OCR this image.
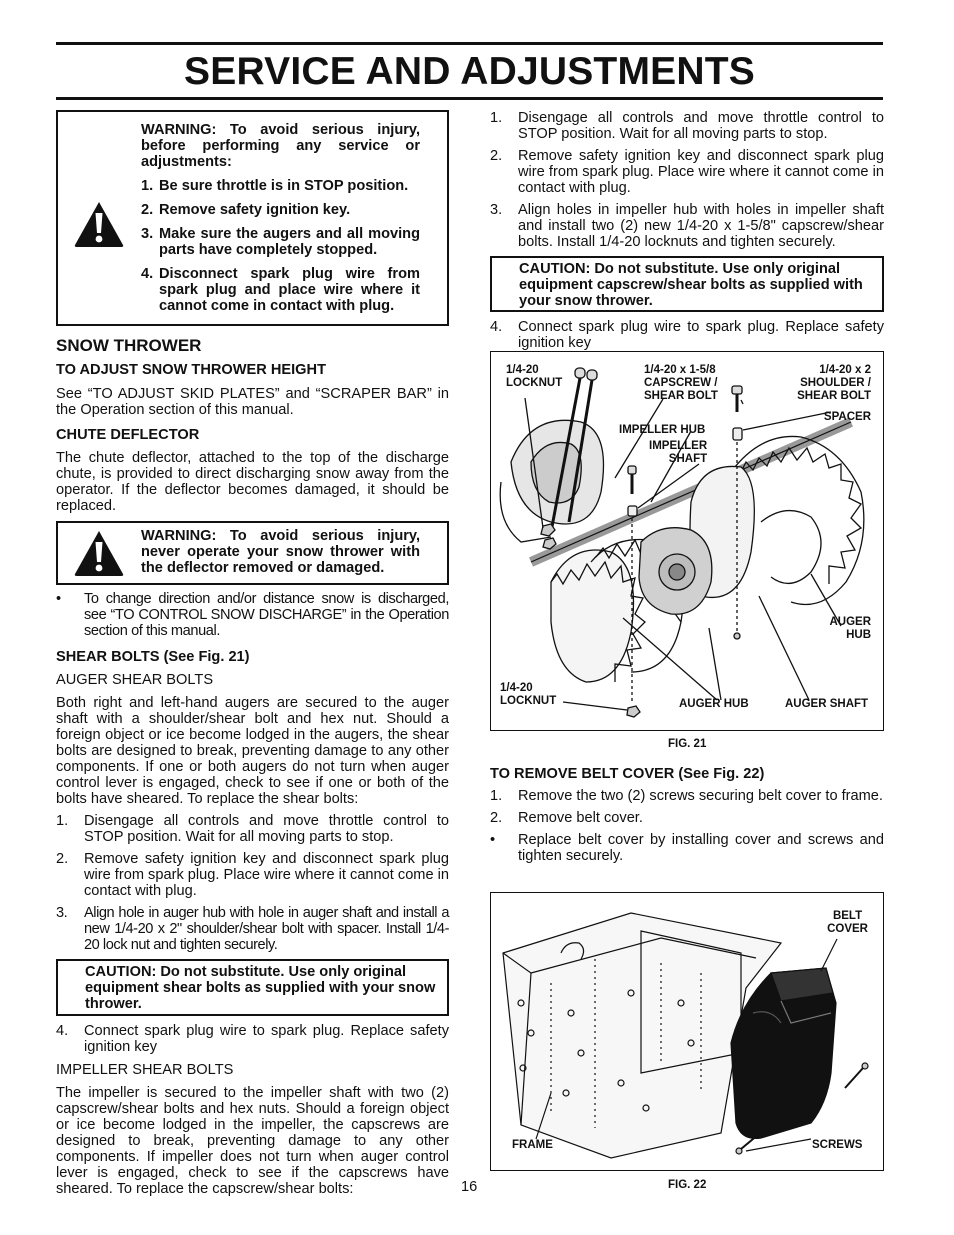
SERVICE AND ADJUSTMENTS

WARNING: To avoid serious injury, before performing any service or adjustments:

1. Be sure throttle is in STOP position.
2. Remove safety ignition key.
3. Make sure the augers and all moving parts have completely stopped.
4. Disconnect spark plug wire from spark plug and place wire where it cannot come in contact with plug.

SNOW THROWER

TO ADJUST SNOW THROWER HEIGHT

See “TO ADJUST SKID PLATES” and “SCRAPER BAR” in the Operation section of this manual.

CHUTE DEFLECTOR

The chute deflector, attached to the top of the discharge chute, is provided to direct discharging snow away from the operator. If the deflector becomes damaged, it should be replaced.

WARNING: To avoid serious injury, never operate your snow thrower with the deflector removed or damaged.

• To change direction and/or distance snow is discharged, see “TO CONTROL SNOW DISCHARGE” in the Operation section of this manual.

SHEAR BOLTS (See Fig. 21)

AUGER SHEAR BOLTS

Both right and left-hand augers are secured to the auger shaft with a shoulder/shear bolt and hex nut. Should a foreign object or ice become lodged in the augers, the shear bolts are designed to break, preventing damage to any other components. If one or both augers do not turn when auger control lever is engaged, check to see if one or both of the bolts have sheared. To replace the shear bolts:

1. Disengage all controls and move throttle control to STOP position. Wait for all moving parts to stop.
2. Remove safety ignition key and disconnect spark plug wire from spark plug. Place wire where it cannot come in contact with plug.
3. Align hole in auger hub with hole in auger shaft and install a new 1/4-20 x 2" shoulder/shear bolt with spacer. Install 1/4-20 lock nut and tighten securely.

CAUTION: Do not substitute. Use only original equipment shear bolts as supplied with your snow thrower.

4. Connect spark plug wire to spark plug. Replace safety ignition key

IMPELLER SHEAR BOLTS

The impeller is secured to the impeller shaft with two (2) capscrew/shear bolts and hex nuts. Should a foreign object or ice become lodged in the impeller, the capscrews are designed to break, preventing damage to any other components. If impeller does not turn when auger control lever is engaged, check to see if the capscrews have sheared. To replace the capscrew/shear bolts:

1. Disengage all controls and move throttle control to STOP position. Wait for all moving parts to stop.
2. Remove safety ignition key and disconnect spark plug wire from spark plug. Place wire where it cannot come in contact with plug.
3. Align holes in impeller hub with holes in impeller shaft and install two (2) new 1/4-20 x 1-5/8" capscrew/shear bolts. Install 1/4-20 locknuts and tighten securely.

CAUTION: Do not substitute. Use only original equipment capscrew/shear bolts as supplied with your snow thrower.

4. Connect spark plug wire to spark plug. Replace safety ignition key
1/4-20
LOCKNUT
1/4-20 x 1-5/8
CAPSCREW /
SHEAR BOLT
1/4-20 x 2
SHOULDER /
SHEAR BOLT
SPACER
IMPELLER HUB
IMPELLER
SHAFT
AUGER
HUB
1/4-20
LOCKNUT	AUGER HUB	AUGER SHAFT
FIG. 21

TO REMOVE BELT COVER (See Fig. 22)

1. Remove the two (2) screws securing belt cover to frame.
2. Remove belt cover.
• Replace belt cover by installing cover and screws and tighten securely.
BELT
COVER
FRAME	SCREWS
FIG. 22
16
